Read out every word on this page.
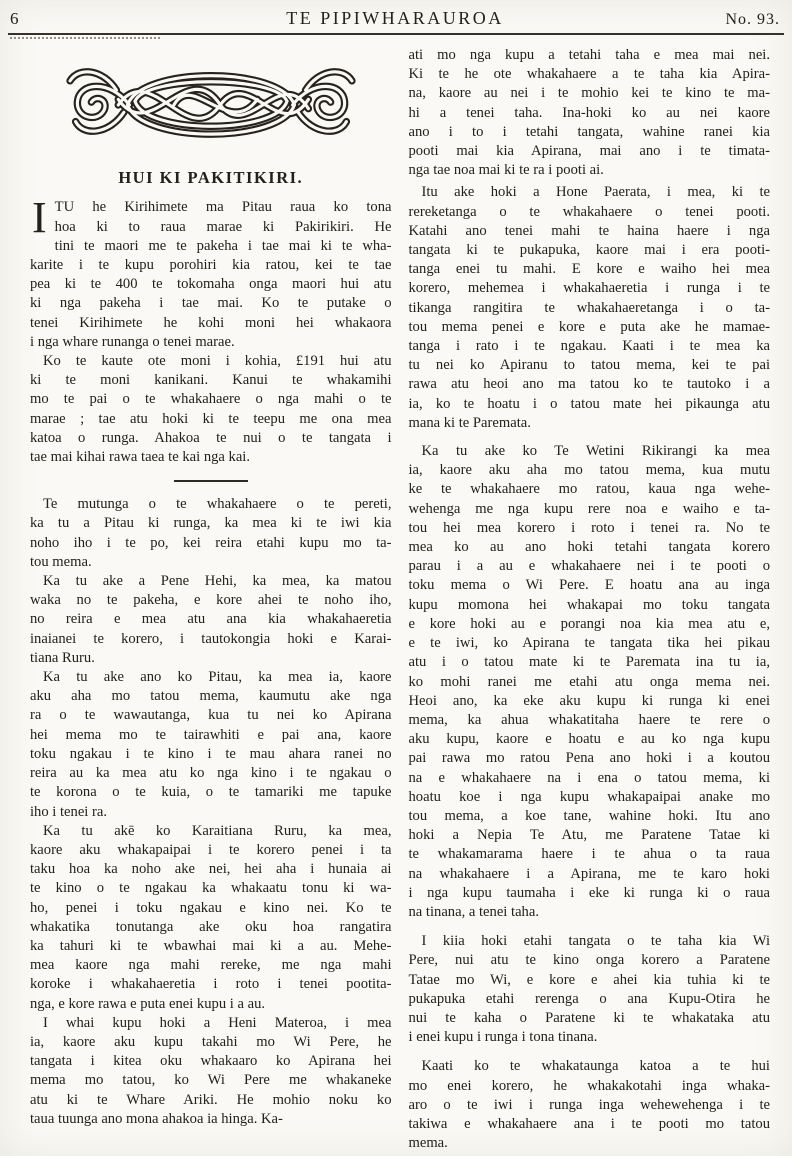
6	TE PIPIWHARAUROA	No. 93.
HUI KI PAKITIKIRI.
I TU he Kirihimete ma Pitau raua ko tona
hoa ki to raua marae ki Pakirikiri. He
tini te maori me te pakeha i tae mai ki te wha-
karite i te kupu porohiri kia ratou, kei te tae
pea ki te 400 te tokomaha onga maori hui atu
ki nga pakeha i tae mai. Ko te putake o
tenei Kirihimete he kohi moni hei whakaora
i nga whare runanga o tenei marae.
Ko te kaute ote moni i kohia, £191 hui atu
ki te moni kanikani. Kanui te whakamihi
mo te pai o te whakahaere o nga mahi o te
marae ; tae atu hoki ki te teepu me ona mea
katoa o runga. Ahakoa te nui o te tangata i
tae mai kihai rawa taea te kai nga kai.
Te mutunga o te whakahaere o te pereti,
ka tu a Pitau ki runga, ka mea ki te iwi kia
noho iho i te po, kei reira etahi kupu mo ta-
tou mema.
Ka tu ake a Pene Hehi, ka mea, ka matou
waka no te pakeha, e kore ahei te noho iho,
no reira e mea atu ana kia whakahaeretia
inaianei te korero, i tautokongia hoki e Karai-
tiana Ruru.
Ka tu ake ano ko Pitau, ka mea ia, kaore
aku aha mo tatou mema, kaumutu ake nga
ra o te wawautanga, kua tu nei ko Apirana
hei mema mo te tairawhiti e pai ana, kaore
toku ngakau i te kino i te mau ahara ranei no
reira au ka mea atu ko nga kino i te ngakau o
te korona o te kuia, o te tamariki me tapuke
iho i tenei ra.
Ka tu akē ko Karaitiana Ruru, ka mea,
kaore aku whakapaipai i te korero penei i ta
taku hoa ka noho ake nei, hei aha i hunaia ai
te kino o te ngakau ka whakaatu tonu ki wa-
ho, penei i toku ngakau e kino nei. Ko te
whakatika tonutanga ake oku hoa rangatira
ka tahuri ki te wbawhai mai ki a au. Mehe-
mea kaore nga mahi rereke, me nga mahi
koroke i whakahaeretia i roto i tenei pootita-
nga, e kore rawa e puta enei kupu i a au.
I whai kupu hoki a Heni Materoa, i mea
ia, kaore aku kupu takahi mo Wi Pere, he
tangata i kitea oku whakaaro ko Apirana hei
mema mo tatou, ko Wi Pere me whakaneke
atu ki te Whare Ariki. He mohio noku ko
taua tuunga ano mona ahakoa ia hinga. Ka-
ati mo nga kupu a tetahi taha e mea mai nei.
Ki te he ote whakahaere a te taha kia Apira-
na, kaore au nei i te mohio kei te kino te ma-
hi a tenei taha. Ina-hoki ko au nei kaore
ano i to i tetahi tangata, wahine ranei kia
pooti mai kia Apirana, mai ano i te timata-
nga tae noa mai ki te ra i pooti ai.
Itu ake hoki a Hone Paerata, i mea, ki te
rereketanga o te whakahaere o tenei pooti.
Katahi ano tenei mahi te haina haere i nga
tangata ki te pukapuka, kaore mai i era pooti-
tanga enei tu mahi. E kore e waiho hei mea
korero, mehemea i whakahaeretia i runga i te
tikanga rangitira te whakahaeretanga i o ta-
tou mema penei e kore e puta ake he mamae-
tanga i rato i te ngakau. Kaati i te mea ka
tu nei ko Apiranu to tatou mema, kei te pai
rawa atu heoi ano ma tatou ko te tautoko i a
ia, ko te hoatu i o tatou mate hei pikaunga atu
mana ki te Paremata.
Ka tu ake ko Te Wetini Rikirangi ka mea
ia, kaore aku aha mo tatou mema, kua mutu
ke te whakahaere mo ratou, kaua nga wehe-
wehenga me nga kupu rere noa e waiho e ta-
tou hei mea korero i roto i tenei ra. No te
mea ko au ano hoki tetahi tangata korero
parau i a au e whakahaere nei i te pooti o
toku mema o Wi Pere. E hoatu ana au inga
kupu momona hei whakapai mo toku tangata
e kore hoki au e porangi noa kia mea atu e,
e te iwi, ko Apirana te tangata tika hei pikau
atu i o tatou mate ki te Paremata ina tu ia,
ko mohi ranei me etahi atu onga mema nei.
Heoi ano, ka eke aku kupu ki runga ki enei
mema, ka ahua whakatitaha haere te rere o
aku kupu, kaore e hoatu e au ko nga kupu
pai rawa mo ratou Pena ano hoki i a koutou
na e whakahaere na i ena o tatou mema, ki
hoatu koe i nga kupu whakapaipai anake mo
tou mema, a koe tane, wahine hoki. Itu ano
hoki a Nepia Te Atu, me Paratene Tatae ki
te whakamarama haere i te ahua o ta raua
na whakahaere i a Apirana, me te karo hoki
i nga kupu taumaha i eke ki runga ki o raua
na tinana, a tenei taha.
I kiia hoki etahi tangata o te taha kia Wi
Pere, nui atu te kino onga korero a Paratene
Tatae mo Wi, e kore e ahei kia tuhia ki te
pukapuka etahi rerenga o ana Kupu-Otira he
nui te kaha o Paratene ki te whakataka atu
i enei kupu i runga i tona tinana.
Kaati ko te whakataunga katoa a te hui
mo enei korero, he whakakotahi inga whaka-
aro o te iwi i runga inga wehewehenga i te
takiwa e whakahaere ana i te pooti mo tatou
mema.
